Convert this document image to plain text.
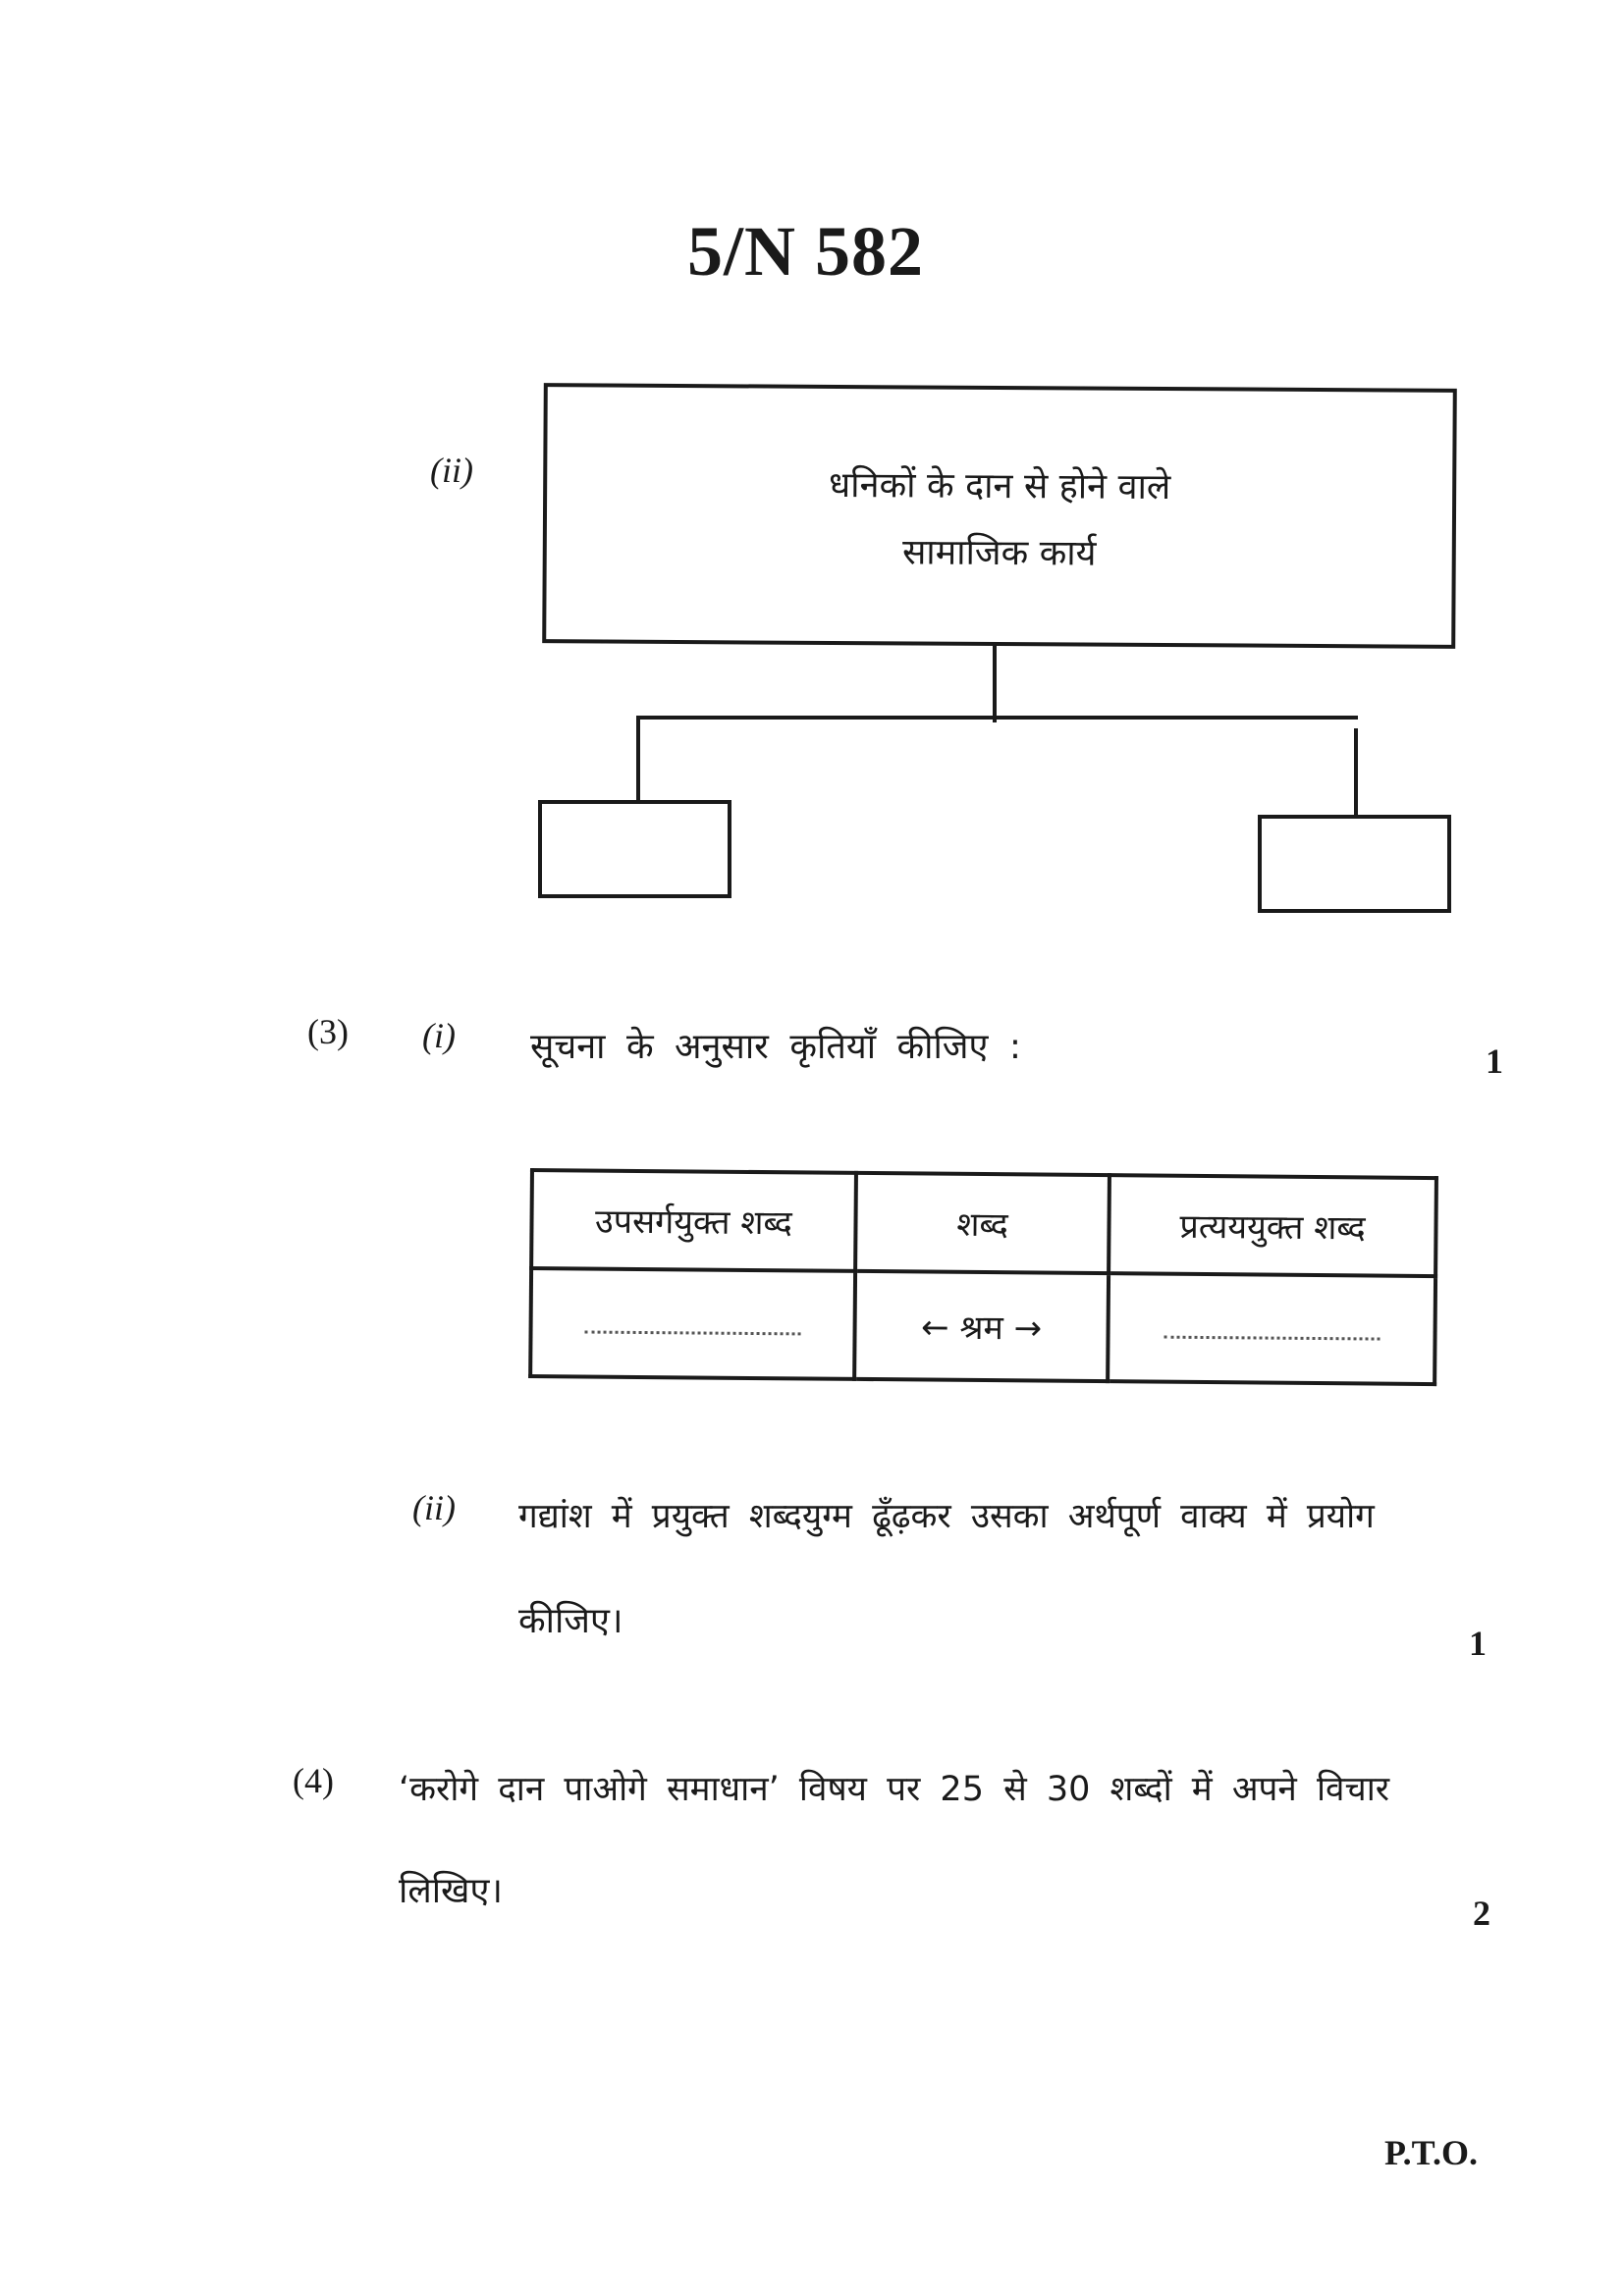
5/N 582
(ii)	धनिकों के दान से होने वाले
सामाजिक कार्य
(3) (i) सूचना के अनुसार कृतियाँ कीजिए :	1
उपसर्गयुक्त शब्द	शब्द	प्रत्यययुक्त शब्द
	← श्रम →	
(ii) गद्यांश में प्रयुक्त शब्दयुग्म ढूँढ़कर उसका अर्थपूर्ण वाक्य में प्रयोग
कीजिए।
1
(4) ‘करोगे दान पाओगे समाधान’ विषय पर 25 से 30 शब्दों में अपने विचार
लिखिए।
2
P.T.O.
